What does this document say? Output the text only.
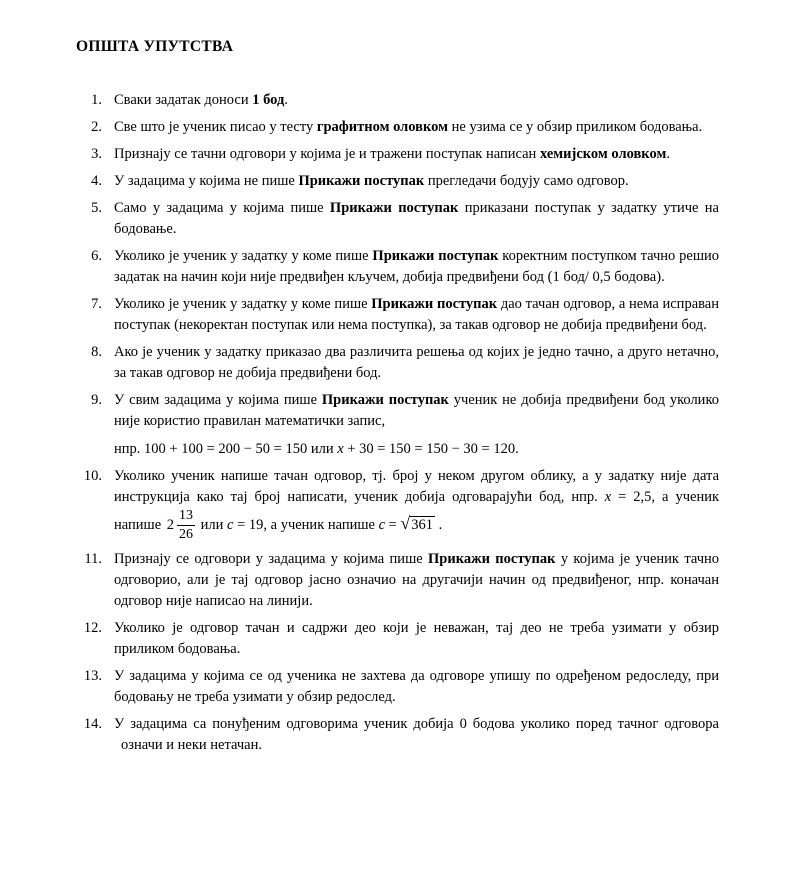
ОПШТА УПУТСТВА
1. Сваки задатак доноси 1 бод.

2. Све што је ученик писао у тесту графитном оловком не узима се у обзир приликом бодовања.

3. Признају се тачни одговори у којима је и тражени поступак написан хемијском оловком.

4. У задацима у којима не пише Прикажи поступак прегледачи бодују само одговор.

5. Само у задацима у којима пише Прикажи поступак приказани поступак у задатку утиче на бодовање.

6. Уколико је ученик у задатку у коме пише Прикажи поступак коректним поступком тачно решио задатак на начин који није предвиђен кључем, добија предвиђени бод (1 бод/ 0,5 бодова).

7. Уколико је ученик у задатку у коме пише Прикажи поступак дао тачан одговор, а нема исправан поступак (некоректан поступак или нема поступка), за такав одговор не добија предвиђени бод.

8. Ако је ученик у задатку приказао два различита решења од којих је једно тачно, а друго нетачно, за такав одговор не добија предвиђени бод.

9. У свим задацима у којима пише Прикажи поступак ученик не добија предвиђени бод уколико није користио правилан математички запис,

нпр. 100 + 100 = 200 − 50 = 150 или x + 30 = 150 = 150 − 30 = 120.

10. Уколико ученик напише тачан одговор, тј. број у неком другом облику, а у задатку није дата инструкција како тај број написати, ученик добија одговарајући бод, нпр. x = 2,5, а ученик напише $2 \frac{13}{26}$ или c = 19, а ученик напише c = √361 .

11. Признају се одговори у задацима у којима пише Прикажи поступак у којима је ученик тачно одговорио, али је тај одговор јасно означио на другачији начин од предвиђеног, нпр. коначан одговор није написао на линији.

12. Уколико је одговор тачан и садржи део који је неважан, тај део не треба узимати у обзир приликом бодовања.

13. У задацима у којима се од ученика не захтева да одговоре упишу по одређеном редоследу, при бодовању не треба узимати у обзир редослед.

14. У задацима са понуђеним одговорима ученик добија 0 бодова уколико поред тачног одговора означи и неки нетачан.
